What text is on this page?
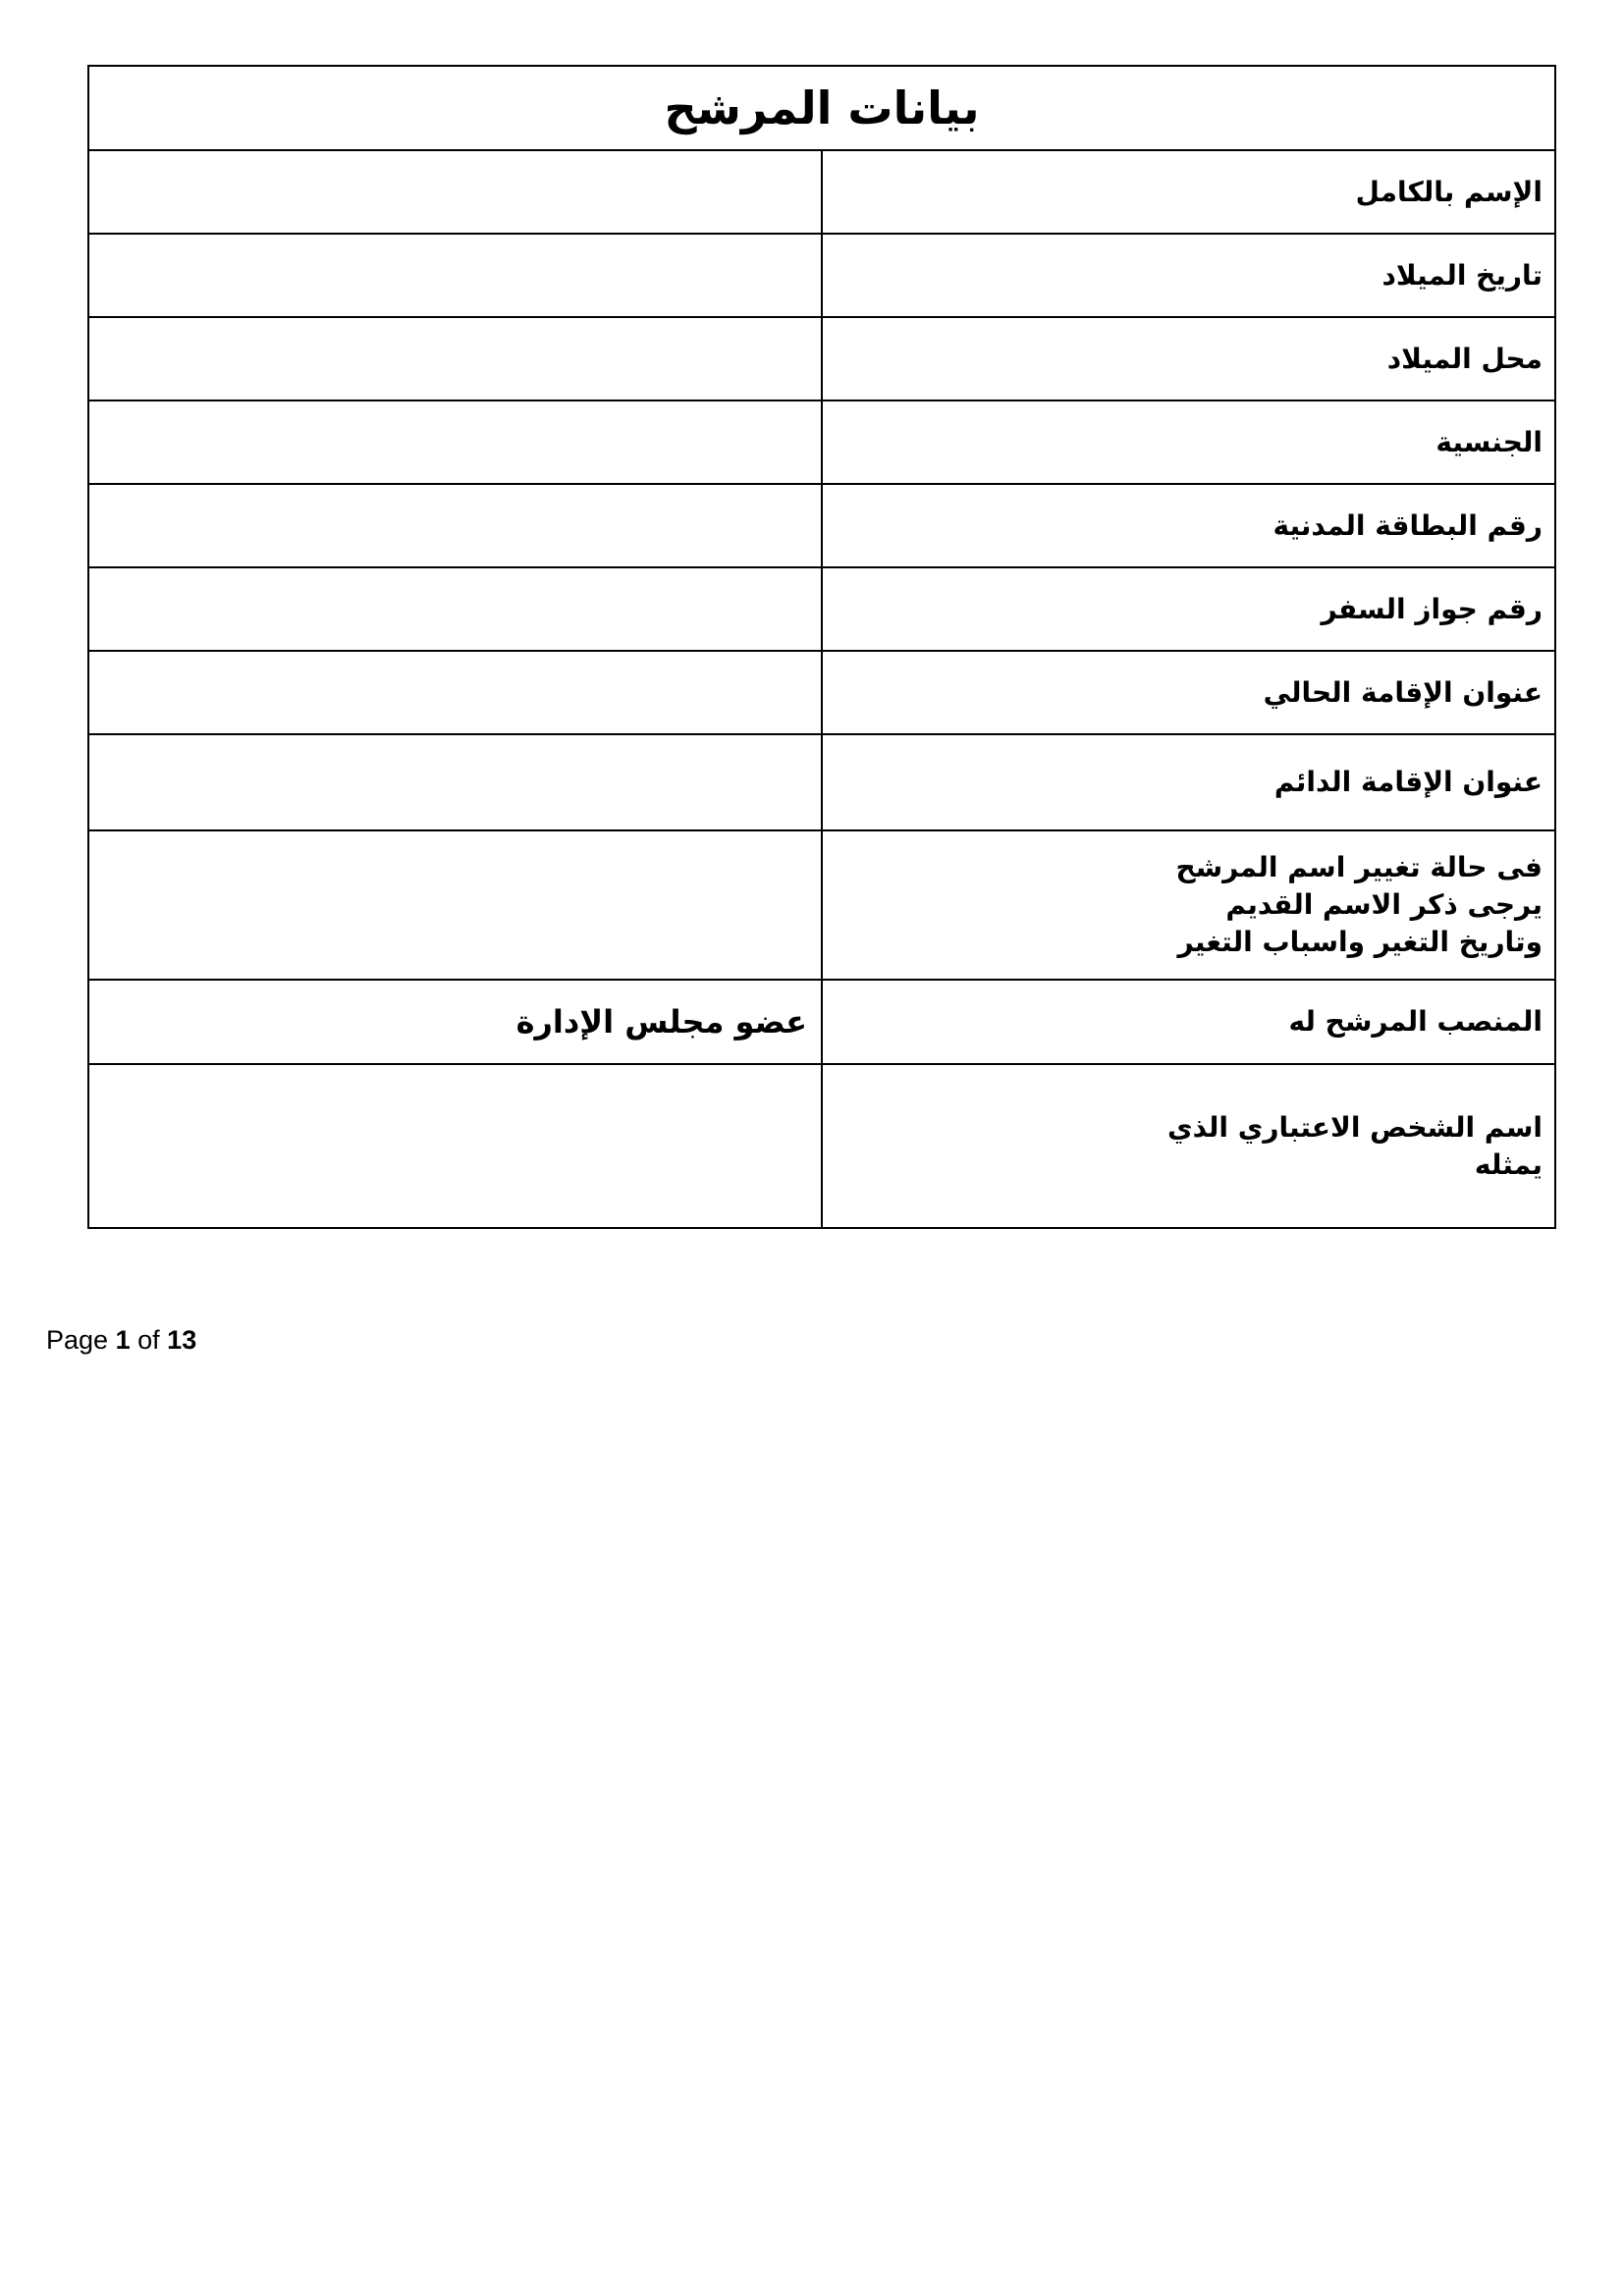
بيانات المرشح	
	الإسم بالكامل
	تاريخ الميلاد
	محل الميلاد
	الجنسية
	رقم البطاقة المدنية
	رقم جواز السفر
	عنوان الإقامة الحالي
	عنوان الإقامة الدائم
	فى حالة تغيير اسم المرشح
يرجى ذكر الاسم القديم
وتاريخ التغير واسباب التغير
عضو مجلس الإدارة	المنصب المرشح له
	اسم الشخص الاعتباري الذي
يمثله
Page 1 of 13
